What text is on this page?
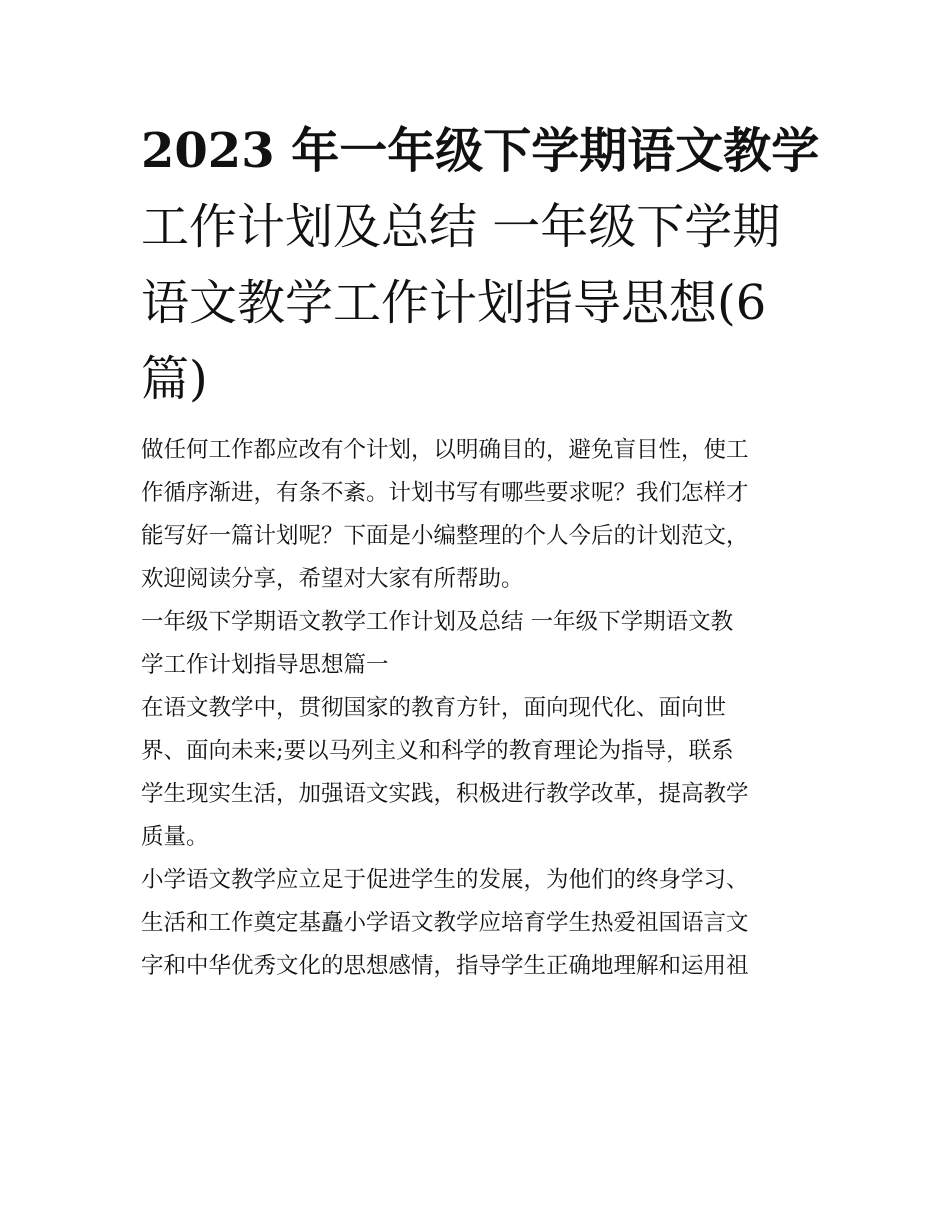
2023 年一年级下学期语文教学
工作计划及总结 一年级下学期
语文教学工作计划指导思想(6
篇)

做任何工作都应改有个计划，以明确目的，避免盲目性，使工
作循序渐进，有条不紊。计划书写有哪些要求呢？我们怎样才
能写好一篇计划呢？下面是小编整理的个人今后的计划范文，
欢迎阅读分享，希望对大家有所帮助。

一年级下学期语文教学工作计划及总结 一年级下学期语文教
学工作计划指导思想篇一

在语文教学中，贯彻国家的教育方针，面向现代化、面向世
界、面向未来;要以马列主义和科学的教育理论为指导，联系
学生现实生活，加强语文实践，积极进行教学改革，提高教学
质量。

小学语文教学应立足于促进学生的发展，为他们的终身学习、
生活和工作奠定基矗小学语文教学应培育学生热爱祖国语言文
字和中华优秀文化的思想感情，指导学生正确地理解和运用祖
